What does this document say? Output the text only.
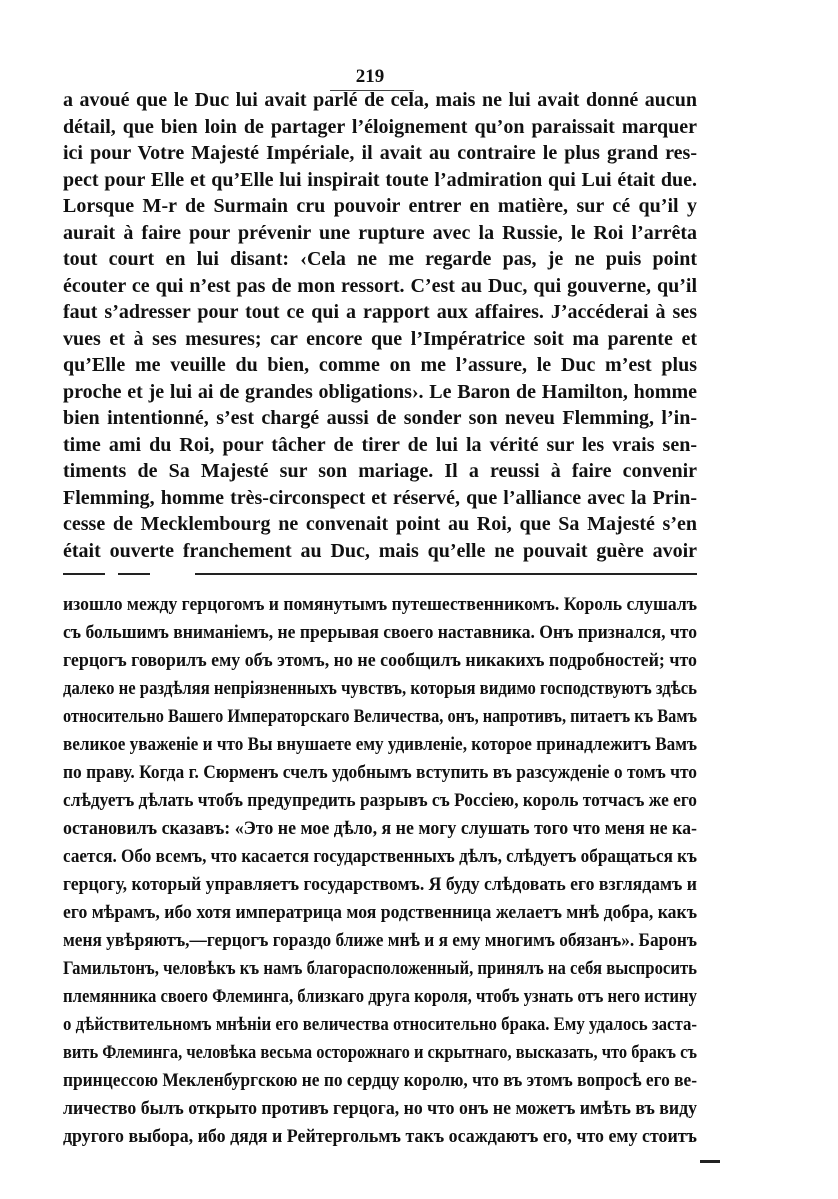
219
a avoué que le Duc lui avait parlé de cela, mais ne lui avait donné aucun
détail, que bien loin de partager l’éloignement qu’on paraissait marquer
ici pour Votre Majesté Impériale, il avait au contraire le plus grand res-
pect pour Elle et qu’Elle lui inspirait toute l’admiration qui Lui était due.
Lorsque M-r de Surmain cru pouvoir entrer en matière, sur cé qu’il y
aurait à faire pour prévenir une rupture avec la Russie, le Roi l’arrêta
tout court en lui disant: ‹Cela ne me regarde pas, je ne puis point
écouter ce qui n’est pas de mon ressort. C’est au Duc, qui gouverne, qu’il
faut s’adresser pour tout ce qui a rapport aux affaires. J’accéderai à ses
vues et à ses mesures; car encore que l’Impératrice soit ma parente et
qu’Elle me veuille du bien, comme on me l’assure, le Duc m’est plus
proche et je lui ai de grandes obligations›. Le Baron de Hamilton, homme
bien intentionné, s’est chargé aussi de sonder son neveu Flemming, l’in-
time ami du Roi, pour tâcher de tirer de lui la vérité sur les vrais sen-
timents de Sa Majesté sur son mariage. Il a reussi à faire convenir
Flemming, homme très-circonspect et réservé, que l’alliance avec la Prin-
cesse de Mecklembourg ne convenait point au Roi, que Sa Majesté s’en
était ouverte franchement au Duc, mais qu’elle ne pouvait guère avoir
изошло между герцогомъ и помянутымъ путешественникомъ. Король слушалъ
съ большимъ вниманiемъ, не прерывая своего наставника. Онъ признался, что
герцогъ говорилъ ему объ этомъ, но не сообщилъ никакихъ подробностей; что
далеко не раздѣляя непрiязненныхъ чувствъ, которыя видимо господствуютъ здѣсь
относительно Вашего Императорскаго Величества, онъ, напротивъ, питаетъ къ Вамъ
великое уваженiе и что Вы внушаете ему удивленiе, которое принадлежитъ Вамъ
по праву. Когда г. Сюрменъ счелъ удобнымъ вступить въ разсужденiе о томъ что
слѣдуетъ дѣлать чтобъ предупредить разрывъ съ Россiею, король тотчасъ же его
остановилъ сказавъ: «Это не мое дѣло, я не могу слушать того что меня не ка-
сается. Обо всемъ, что касается государственныхъ дѣлъ, слѣдуетъ обращаться къ
герцогу, который управляетъ государствомъ. Я буду слѣдовать его взглядамъ и
его мѣрамъ, ибо хотя императрица моя родственница желаетъ мнѣ добра, какъ
меня увѣряютъ,—герцогъ гораздо ближе мнѣ и я ему многимъ обязанъ». Баронъ
Гамильтонъ, человѣкъ къ намъ благорасположенный, принялъ на себя выспросить
племянника своего Флеминга, близкаго друга короля, чтобъ узнать отъ него истину
о дѣйствительномъ мнѣнiи его величества относительно брака. Ему удалось заста-
вить Флеминга, человѣка весьма осторожнаго и скрытнаго, высказать, что бракъ съ
принцессою Мекленбургскою не по сердцу королю, что въ этомъ вопросѣ его ве-
личество былъ открыто противъ герцога, но что онъ не можетъ имѣть въ виду
другого выбора, ибо дядя и Рейтергольмъ такъ осаждаютъ его, что ему стоитъ
